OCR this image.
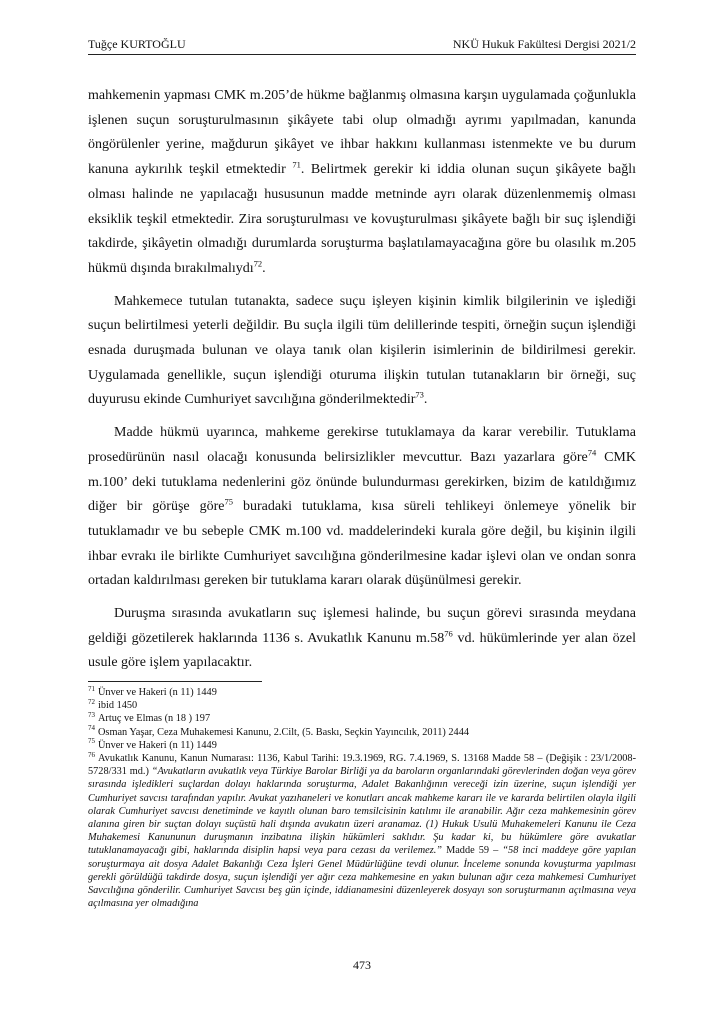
Tuğçe KURTOĞLU	NKÜ Hukuk Fakültesi Dergisi 2021/2

mahkemenin yapması CMK m.205’de hükme bağlanmış olmasına karşın uygulamada çoğunlukla işlenen suçun soruşturulmasının şikâyete tabi olup olmadığı ayrımı yapılmadan, kanunda öngörülenler yerine, mağdurun şikâyet ve ihbar hakkını kullanması istenmekte ve bu durum kanuna aykırılık teşkil etmektedir $^{71}$. Belirtmek gerekir ki iddia olunan suçun şikâyete bağlı olması halinde ne yapılacağı hususunun madde metninde ayrı olarak düzenlenmemiş olması eksiklik teşkil etmektedir. Zira soruşturulması ve kovuşturulması şikâyete bağlı bir suç işlendiği takdirde, şikâyetin olmadığı durumlarda soruşturma başlatılamayacağına göre bu olasılık m.205 hükmü dışında bırakılmalıydı$^{72}$.

Mahkemece tutulan tutanakta, sadece suçu işleyen kişinin kimlik bilgilerinin ve işlediği suçun belirtilmesi yeterli değildir. Bu suçla ilgili tüm delillerinde tespiti, örneğin suçun işlendiği esnada duruşmada bulunan ve olaya tanık olan kişilerin isimlerinin de bildirilmesi gerekir. Uygulamada genellikle, suçun işlendiği oturuma ilişkin tutulan tutanakların bir örneği, suç duyurusu ekinde Cumhuriyet savcılığına gönderilmektedir$^{73}$.

Madde hükmü uyarınca, mahkeme gerekirse tutuklamaya da karar verebilir. Tutuklama prosedürünün nasıl olacağı konusunda belirsizlikler mevcuttur. Bazı yazarlara göre$^{74}$ CMK m.100’ deki tutuklama nedenlerini göz önünde bulundurması gerekirken, bizim de katıldığımız diğer bir görüşe göre$^{75}$ buradaki tutuklama, kısa süreli tehlikeyi önlemeye yönelik bir tutuklamadır ve bu sebeple CMK m.100 vd. maddelerindeki kurala göre değil, bu kişinin ilgili ihbar evrakı ile birlikte Cumhuriyet savcılığına gönderilmesine kadar işlevi olan ve ondan sonra ortadan kaldırılması gereken bir tutuklama kararı olarak düşünülmesi gerekir.

Duruşma sırasında avukatların suç işlemesi halinde, bu suçun görevi sırasında meydana geldiği gözetilerek haklarında 1136 s. Avukatlık Kanunu $m.58^{76}$ vd. hükümlerinde yer alan özel usule göre işlem yapılacaktır.

$^{71}$ Ünver ve Hakeri (n 11) 1449

$^{72}$ ibid 1450

$^{73}$ Artuç ve Elmas (n 18 ) 197

$^{74}$ Osman Yaşar, Ceza Muhakemesi Kanunu, 2.Cilt, (5. Baskı, Seçkin Yayıncılık, 2011) 2444

$^{75}$ Ünver ve Hakeri (n 11) 1449

$^{76}$ Avukatlık Kanunu, Kanun Numarası: 1136, Kabul Tarihi: 19.3.1969, RG. 7.4.1969, S. 13168 Madde 58 – (Değişik : 23/1/2008-5728/331 md.) “Avukatların avukatlık veya Türkiye Barolar Birliği ya da baroların organlarındaki görevlerinden doğan veya görev sırasında işledikleri suçlardan dolayı haklarında soruşturma, Adalet Bakanlığının vereceği izin üzerine, suçun işlendiği yer Cumhuriyet savcısı tarafından yapılır. Avukat yazıhaneleri ve konutları ancak mahkeme kararı ile ve kararda belirtilen olayla ilgili olarak Cumhuriyet savcısı denetiminde ve kayıtlı olunan baro temsilcisinin katılımı ile aranabilir. Ağır ceza mahkemesinin görev alanına giren bir suçtan dolayı suçüstü hali dışında avukatın üzeri aranamaz. (1) Hukuk Usulü Muhakemeleri Kanunu ile Ceza Muhakemesi Kanununun duruşmanın inzibatına ilişkin hükümleri saklıdır. Şu kadar ki, bu hükümlere göre avukatlar tutuklanamayacağı gibi, haklarında disiplin hapsi veya para cezası da verilemez.” Madde 59 – “58 inci maddeye göre yapılan soruşturmaya ait dosya Adalet Bakanlığı Ceza İşleri Genel Müdürlüğüne tevdi olunur. İnceleme sonunda kovuşturma yapılması gerekli görüldüğü takdirde dosya, suçun işlendiği yer ağır ceza mahkemesine en yakın bulunan ağır ceza mahkemesi Cumhuriyet Savcılığına gönderilir. Cumhuriyet Savcısı beş gün içinde, iddianamesini düzenleyerek dosyayı son soruşturmanın açılmasına veya açılmasına yer olmadığına

473
